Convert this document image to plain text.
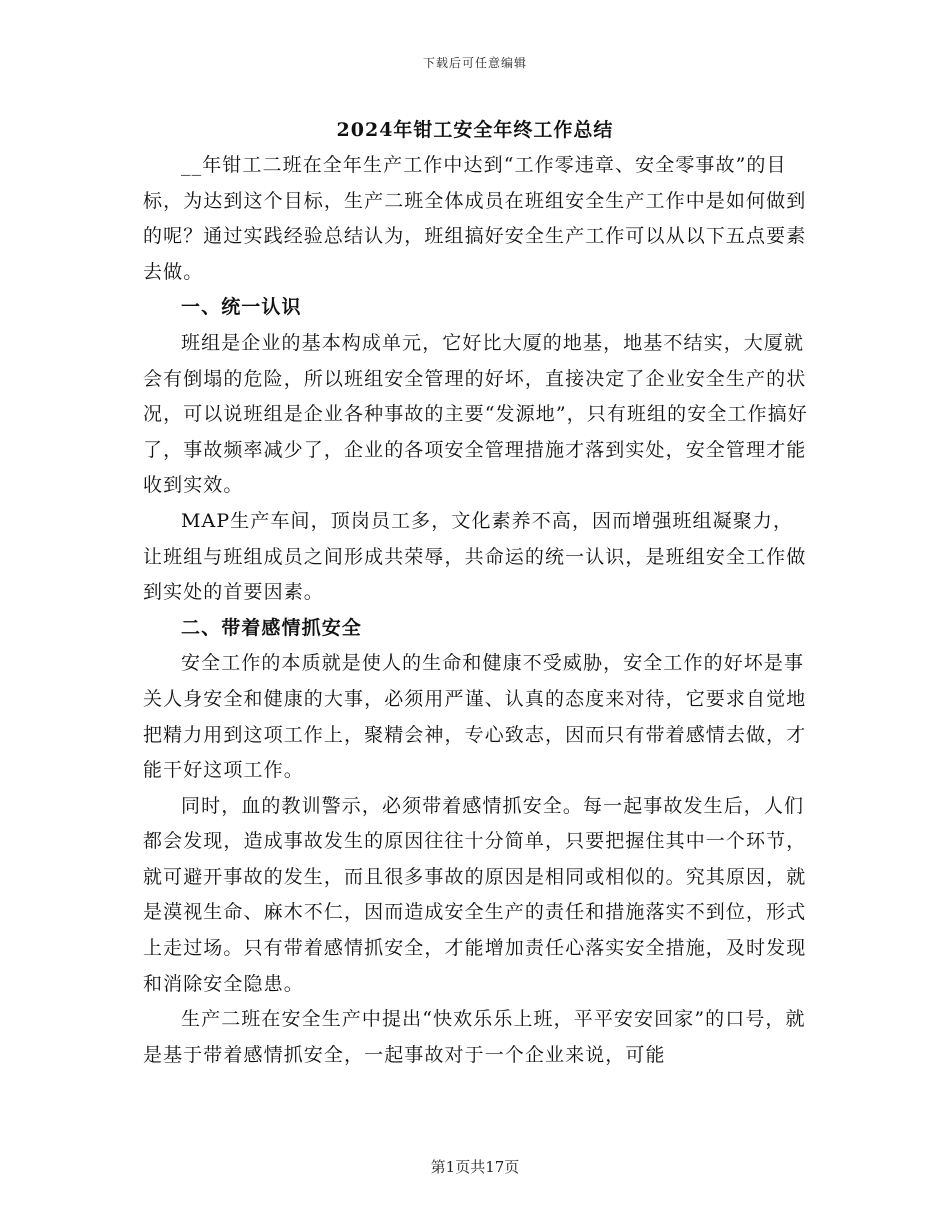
下载后可任意编辑
2024年钳工安全年终工作总结

__年钳工二班在全年生产工作中达到“工作零违章、安全零事故”的目标，为达到这个目标，生产二班全体成员在班组安全生产工作中是如何做到的呢？通过实践经验总结认为，班组搞好安全生产工作可以从以下五点要素去做。

一、统一认识

班组是企业的基本构成单元，它好比大厦的地基，地基不结实，大厦就会有倒塌的危险，所以班组安全管理的好坏，直接决定了企业安全生产的状况，可以说班组是企业各种事故的主要“发源地”，只有班组的安全工作搞好了，事故频率减少了，企业的各项安全管理措施才落到实处，安全管理才能收到实效。

MAP生产车间，顶岗员工多，文化素养不高，因而增强班组凝聚力，让班组与班组成员之间形成共荣辱，共命运的统一认识，是班组安全工作做到实处的首要因素。

二、带着感情抓安全

安全工作的本质就是使人的生命和健康不受威胁，安全工作的好坏是事关人身安全和健康的大事，必须用严谨、认真的态度来对待，它要求自觉地把精力用到这项工作上，聚精会神，专心致志，因而只有带着感情去做，才能干好这项工作。

同时，血的教训警示，必须带着感情抓安全。每一起事故发生后，人们都会发现，造成事故发生的原因往往十分简单，只要把握住其中一个环节，就可避开事故的发生，而且很多事故的原因是相同或相似的。究其原因，就是漠视生命、麻木不仁，因而造成安全生产的责任和措施落实不到位，形式上走过场。只有带着感情抓安全，才能增加责任心落实安全措施，及时发现和消除安全隐患。

生产二班在安全生产中提出“快欢乐乐上班，平平安安回家”的口号，就是基于带着感情抓安全，一起事故对于一个企业来说，可能

第1页共17页
